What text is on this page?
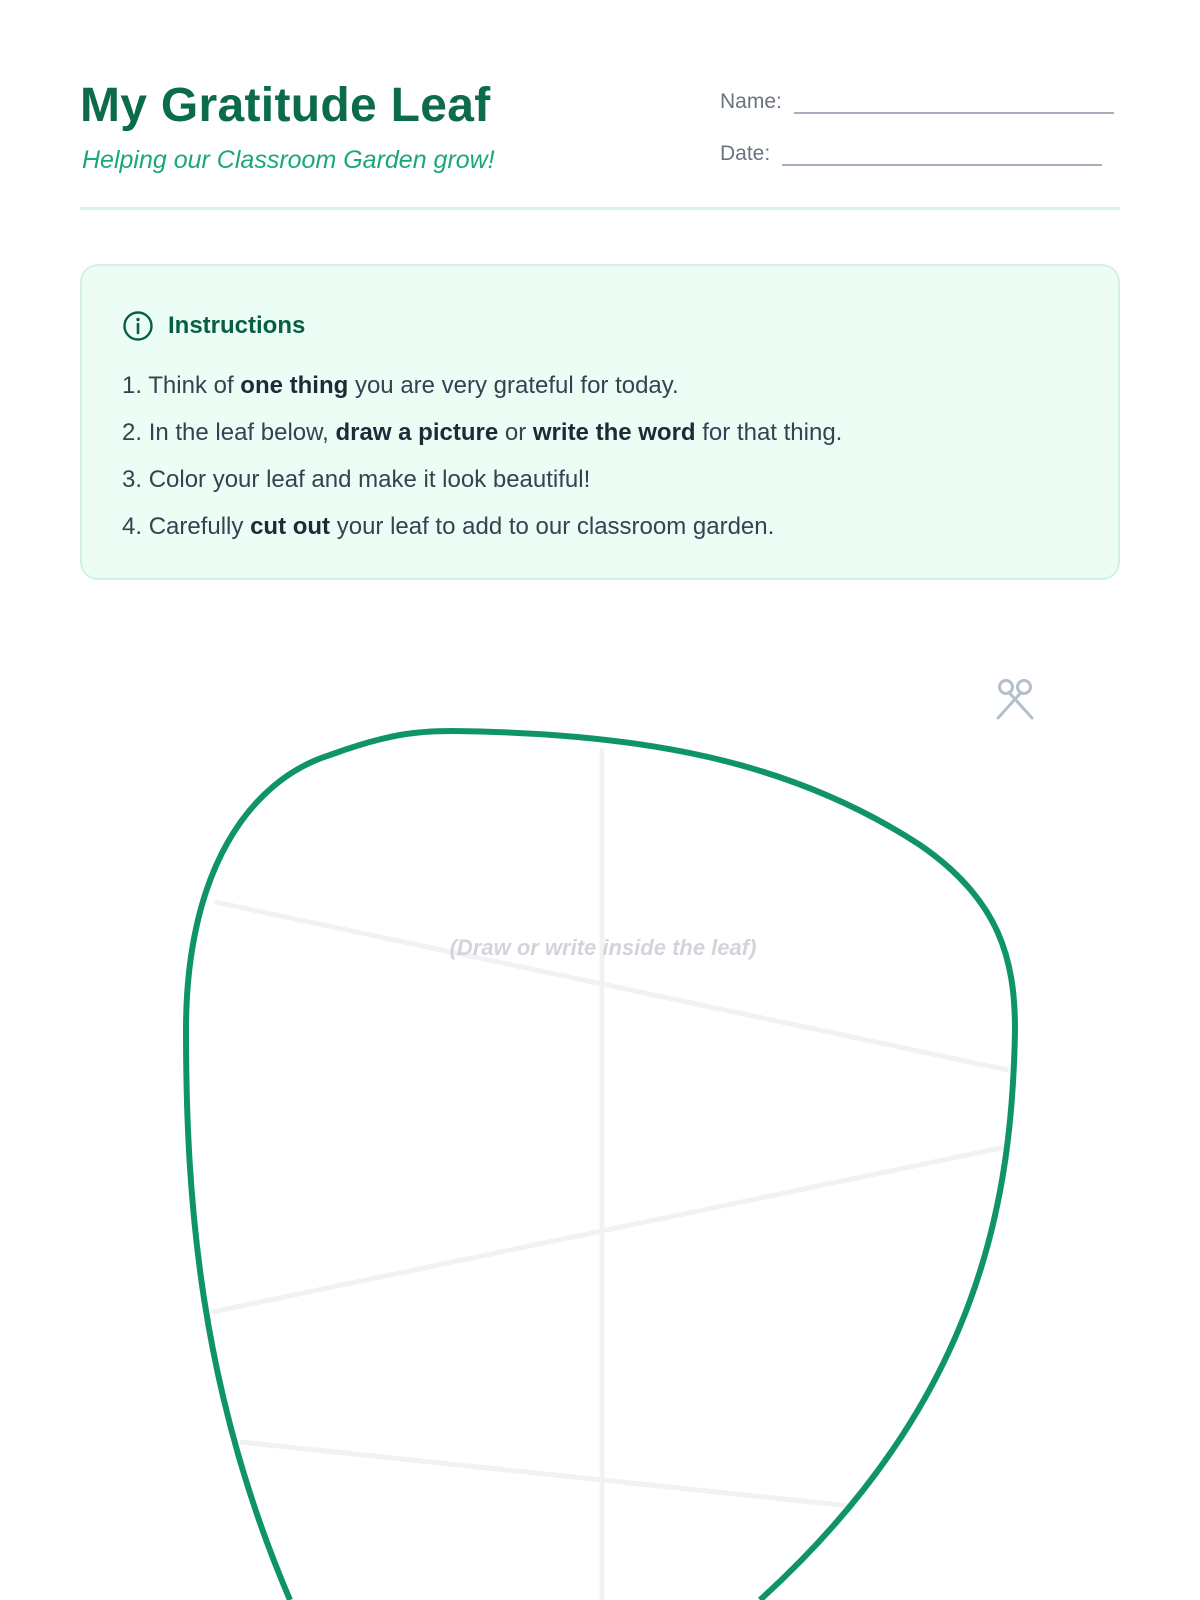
My Gratitude Leaf

Helping our Classroom Garden grow!

Name:
Date:
Instructions
1. Think of one thing you are very grateful for today.
2. In the leaf below, draw a picture or write the word for that thing.
3. Color your leaf and make it look beautiful!
4. Carefully cut out your leaf to add to our classroom garden.
(Draw or write inside the leaf)
